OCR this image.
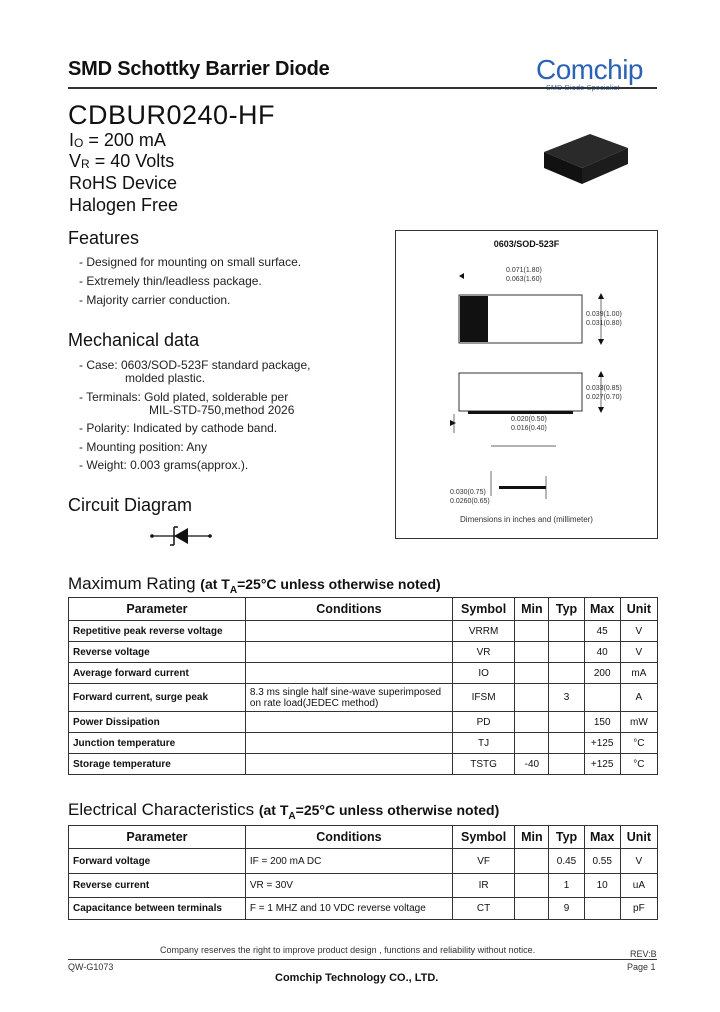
SMD Schottky Barrier Diode	Comchip
CDBUR0240-HF
$I_O = 200$ mA
$V_R = 40$ Volts
RoHS Device
Halogen Free
Features
- Designed for mounting on small surface.
- Extremely thin/leadless package.
- Majority carrier conduction.
Mechanical data
- Case: 0603/SOD-523F standard package,
molded plastic.
- Terminals: Gold plated, solderable per
MIL-STD-750,method 2026
- Polarity: Indicated by cathode band.
- Mounting position: Any
- Weight: 0.003 grams(approx.).
Circuit Diagram
0603/SOD-523F
0.071(1.80)
0.063(1.60)
0.039(1.00)
0.031(0.80)
0.033(0.85)
0.027(0.70)
0.020(0.50)
0.016(0.40)
0.030(0.75)
0.0260(0.65)
Dimensions in inches and (millimeter)
Maximum Rating (at $T_A=25^\circ C$ unless otherwise noted)
Parameter	Conditions	Symbol	Min	Typ	Max	Unit
Repetitive peak reverse voltage		VRRM			45	V
Reverse voltage		VR			40	V
Average forward current		IO			200	mA
Forward current, surge peak	8.3 ms single half sine-wave superimposed on rate load(JEDEC method)	IFSM		3		A
Power Dissipation		PD			150	mW
Junction temperature		TJ			+125	°C
Storage temperature		TSTG	-40		+125	°C
Electrical Characteristics (at $T_A=25^\circ C$ unless otherwise noted)
Parameter	Conditions	Symbol	Min	Typ	Max	Unit
Forward voltage	IF = 200 mA DC	VF		0.45	0.55	V
Reverse current	VR = 30V	IR		1	10	uA
Capacitance between terminals	F = 1 MHZ and 10 VDC reverse voltage	CT		9		pF
Company reserves the right to improve product design , functions and reliability without notice.	REV:B
QW-G1073	Page 1
Comchip Technology CO., LTD.
